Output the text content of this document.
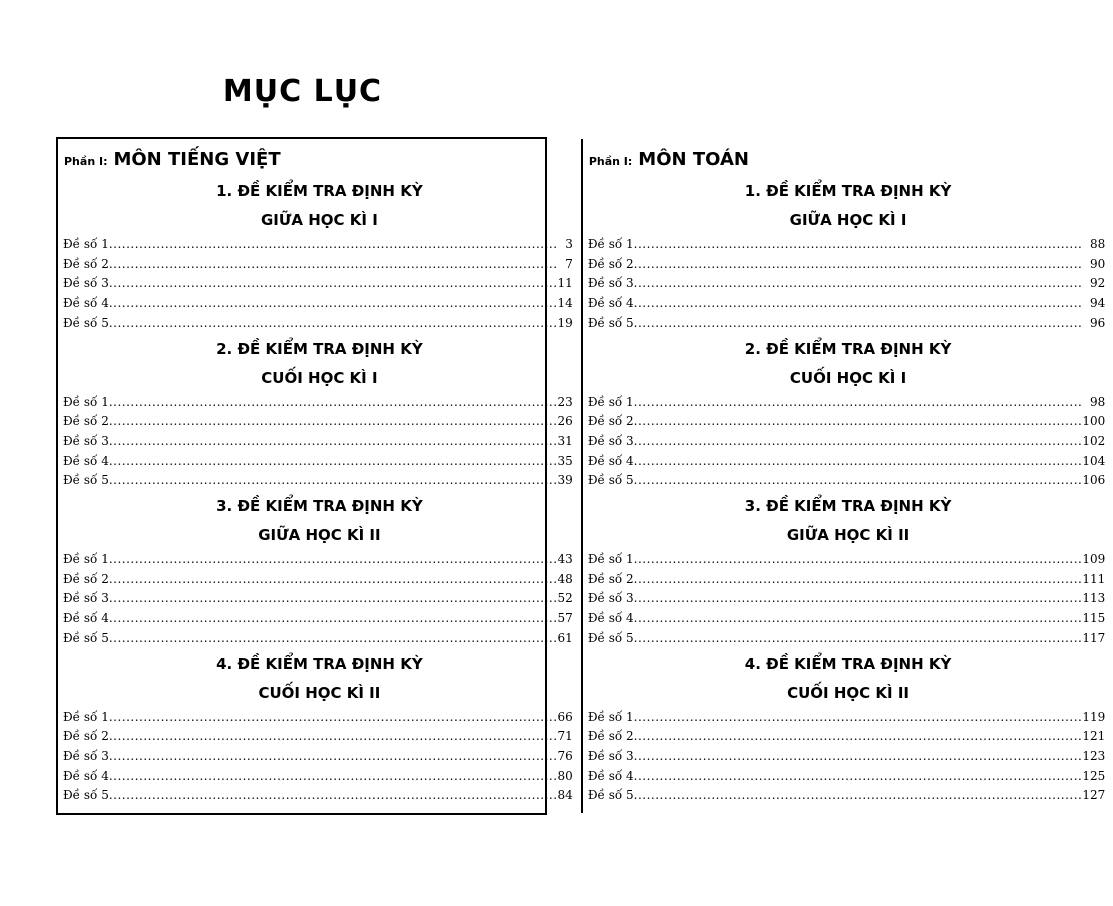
MỤC LỤC
Phần I: MÔN TIẾNG VIỆT
1. ĐỀ KIỂM TRA ĐỊNH KỲ
GIỮA HỌC KÌ I
Đề số 1 .....	3
Đề số 2 .....	7
Đề số 3 .....	11
Đề số 4 .....	14
Đề số 5 .....	19
2. ĐỀ KIỂM TRA ĐỊNH KỲ
CUỐI HỌC KÌ I
Đề số 1 .....	23
Đề số 2 .....	26
Đề số 3 .....	31
Đề số 4 .....	35
Đề số 5 .....	39
3. ĐỀ KIỂM TRA ĐỊNH KỲ
GIỮA HỌC KÌ II
Đề số 1 .....	43
Đề số 2 .....	48
Đề số 3 .....	52
Đề số 4 .....	57
Đề số 5 .....	61
4. ĐỀ KIỂM TRA ĐỊNH KỲ
CUỐI HỌC KÌ II
Đề số 1 .....	66
Đề số 2 .....	71
Đề số 3 .....	76
Đề số 4 .....	80
Đề số 5 .....	84
Phần I: MÔN TOÁN
1. ĐỀ KIỂM TRA ĐỊNH KỲ
GIỮA HỌC KÌ I
Đề số 1 .....	88
Đề số 2 .....	90
Đề số 3 .....	92
Đề số 4 .....	94
Đề số 5 .....	96
2. ĐỀ KIỂM TRA ĐỊNH KỲ
CUỐI HỌC KÌ I
Đề số 1 .....	98
Đề số 2 .....	100
Đề số 3 .....	102
Đề số 4 .....	104
Đề số 5 .....	106
3. ĐỀ KIỂM TRA ĐỊNH KỲ
GIỮA HỌC KÌ II
Đề số 1 .....	109
Đề số 2 .....	111
Đề số 3 .....	113
Đề số 4 .....	115
Đề số 5 .....	117
4. ĐỀ KIỂM TRA ĐỊNH KỲ
CUỐI HỌC KÌ II
Đề số 1 .....	119
Đề số 2 .....	121
Đề số 3 .....	123
Đề số 4 .....	125
Đề số 5 .....	127
